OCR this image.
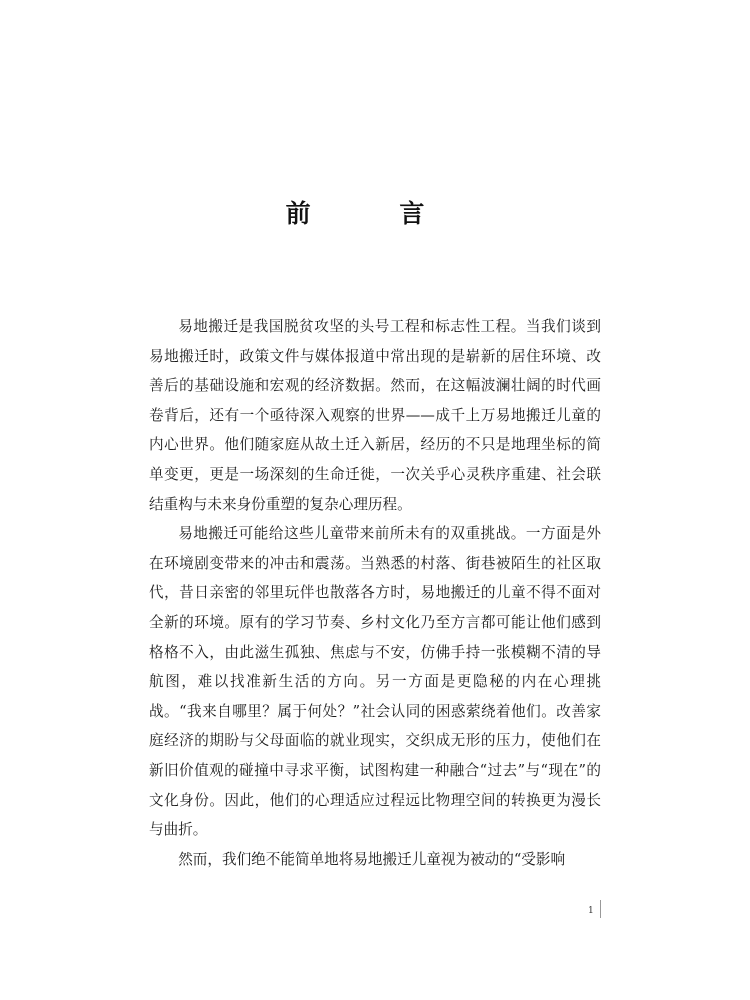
前 言

易地搬迁是我国脱贫攻坚的头号工程和标志性工程。当我们谈到易地搬迁时，政策文件与媒体报道中常出现的是崭新的居住环境、改善后的基础设施和宏观的经济数据。然而，在这幅波澜壮阔的时代画卷背后，还有一个亟待深入观察的世界——成千上万易地搬迁儿童的内心世界。他们随家庭从故土迁入新居，经历的不只是地理坐标的简单变更，更是一场深刻的生命迁徙，一次关乎心灵秩序重建、社会联结重构与未来身份重塑的复杂心理历程。

易地搬迁可能给这些儿童带来前所未有的双重挑战。一方面是外在环境剧变带来的冲击和震荡。当熟悉的村落、街巷被陌生的社区取代，昔日亲密的邻里玩伴也散落各方时，易地搬迁的儿童不得不面对全新的环境。原有的学习节奏、乡村文化乃至方言都可能让他们感到格格不入，由此滋生孤独、焦虑与不安，仿佛手持一张模糊不清的导航图，难以找准新生活的方向。另一方面是更隐秘的内在心理挑战。“我来自哪里？属于何处？”社会认同的困惑萦绕着他们。改善家庭经济的期盼与父母面临的就业现实，交织成无形的压力，使他们在新旧价值观的碰撞中寻求平衡，试图构建一种融合“过去”与“现在”的文化身份。因此，他们的心理适应过程远比物理空间的转换更为漫长与曲折。

然而，我们绝不能简单地将易地搬迁儿童视为被动的“受影响

1
